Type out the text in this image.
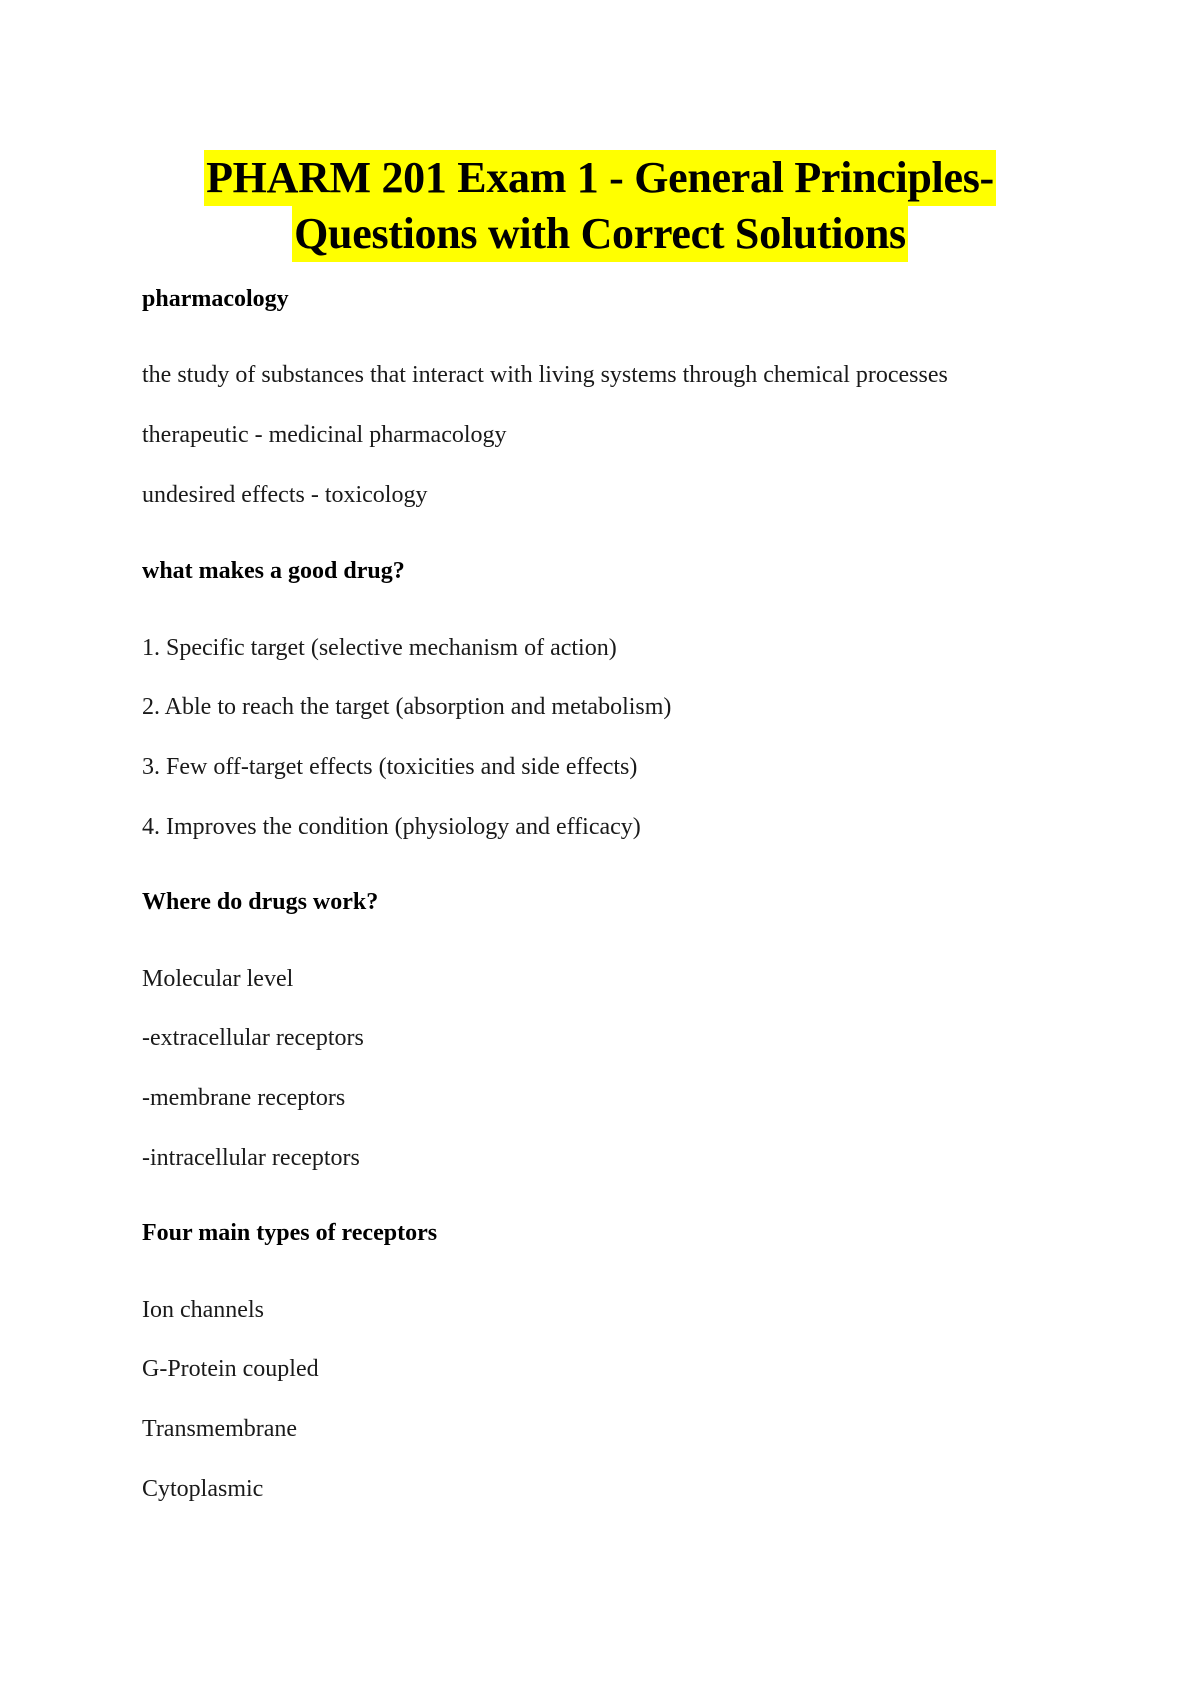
PHARM 201 Exam 1 - General Principles-
Questions with Correct Solutions
pharmacology
the study of substances that interact with living systems through chemical processes
therapeutic - medicinal pharmacology
undesired effects - toxicology
what makes a good drug?
1. Specific target (selective mechanism of action)
2. Able to reach the target (absorption and metabolism)
3. Few off-target effects (toxicities and side effects)
4. Improves the condition (physiology and efficacy)
Where do drugs work?
Molecular level
-extracellular receptors
-membrane receptors
-intracellular receptors
Four main types of receptors
Ion channels
G-Protein coupled
Transmembrane
Cytoplasmic
